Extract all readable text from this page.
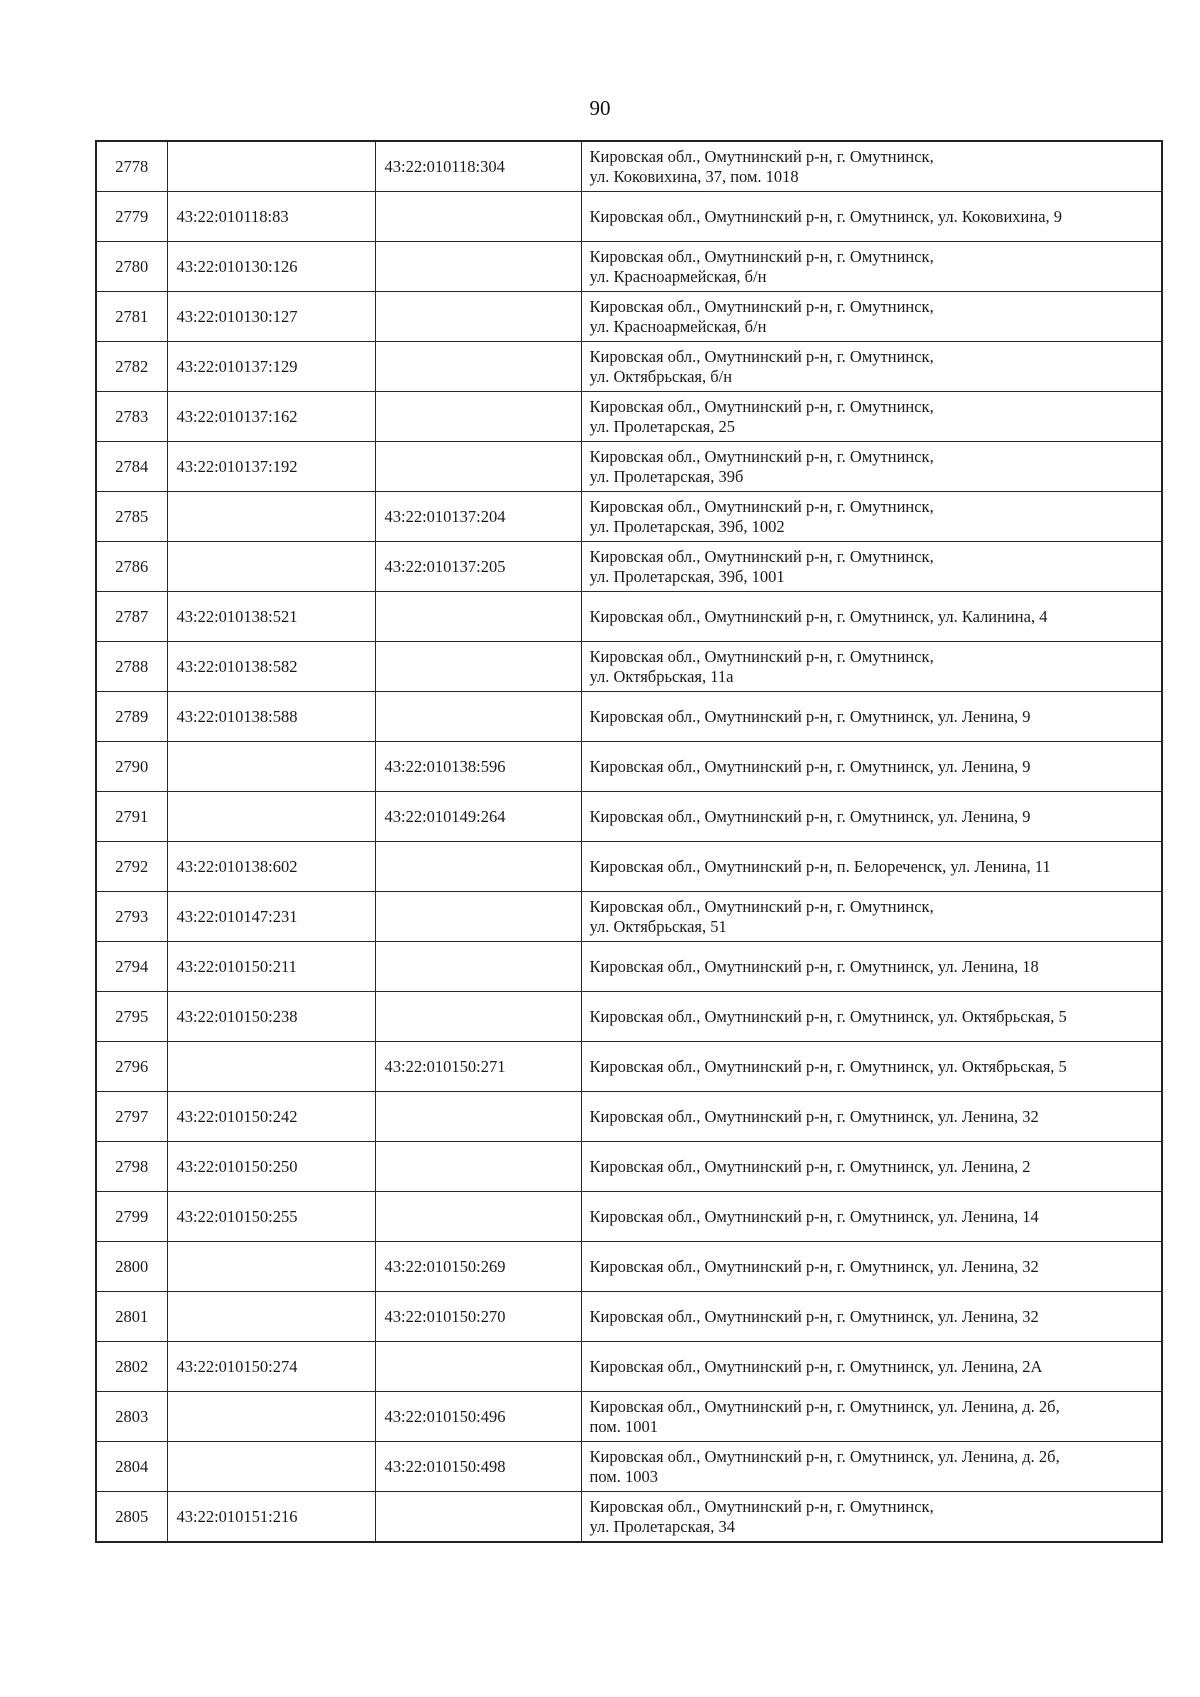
90
2778		43:22:010118:304	Кировская обл., Омутнинский р-н, г. Омутнинск,
ул. Коковихина, 37, пом. 1018

2779	43:22:010118:83		Кировская обл., Омутнинский р-н, г. Омутнинск, ул. Коковихина, 9

2780	43:22:010130:126		Кировская обл., Омутнинский р-н, г. Омутнинск,
ул. Красноармейская, б/н

2781	43:22:010130:127		Кировская обл., Омутнинский р-н, г. Омутнинск,
ул. Красноармейская, б/н

2782	43:22:010137:129		Кировская обл., Омутнинский р-н, г. Омутнинск,
ул. Октябрьская, б/н

2783	43:22:010137:162		Кировская обл., Омутнинский р-н, г. Омутнинск,
ул. Пролетарская, 25

2784	43:22:010137:192		Кировская обл., Омутнинский р-н, г. Омутнинск,
ул. Пролетарская, 39б

2785		43:22:010137:204	Кировская обл., Омутнинский р-н, г. Омутнинск,
ул. Пролетарская, 39б, 1002

2786		43:22:010137:205	Кировская обл., Омутнинский р-н, г. Омутнинск,
ул. Пролетарская, 39б, 1001

2787	43:22:010138:521		Кировская обл., Омутнинский р-н, г. Омутнинск, ул. Калинина, 4

2788	43:22:010138:582		Кировская обл., Омутнинский р-н, г. Омутнинск,
ул. Октябрьская, 11а

2789	43:22:010138:588		Кировская обл., Омутнинский р-н, г. Омутнинск, ул. Ленина, 9

2790		43:22:010138:596	Кировская обл., Омутнинский р-н, г. Омутнинск, ул. Ленина, 9

2791		43:22:010149:264	Кировская обл., Омутнинский р-н, г. Омутнинск, ул. Ленина, 9

2792	43:22:010138:602		Кировская обл., Омутнинский р-н, п. Белореченск, ул. Ленина, 11

2793	43:22:010147:231		Кировская обл., Омутнинский р-н, г. Омутнинск,
ул. Октябрьская, 51

2794	43:22:010150:211		Кировская обл., Омутнинский р-н, г. Омутнинск, ул. Ленина, 18

2795	43:22:010150:238		Кировская обл., Омутнинский р-н, г. Омутнинск, ул. Октябрьская, 5

2796		43:22:010150:271	Кировская обл., Омутнинский р-н, г. Омутнинск, ул. Октябрьская, 5

2797	43:22:010150:242		Кировская обл., Омутнинский р-н, г. Омутнинск, ул. Ленина, 32

2798	43:22:010150:250		Кировская обл., Омутнинский р-н, г. Омутнинск, ул. Ленина, 2

2799	43:22:010150:255		Кировская обл., Омутнинский р-н, г. Омутнинск, ул. Ленина, 14

2800		43:22:010150:269	Кировская обл., Омутнинский р-н, г. Омутнинск, ул. Ленина, 32

2801		43:22:010150:270	Кировская обл., Омутнинский р-н, г. Омутнинск, ул. Ленина, 32

2802	43:22:010150:274		Кировская обл., Омутнинский р-н, г. Омутнинск, ул. Ленина, 2А

2803		43:22:010150:496	Кировская обл., Омутнинский р-н, г. Омутнинск, ул. Ленина, д. 2б,
пом. 1001

2804		43:22:010150:498	Кировская обл., Омутнинский р-н, г. Омутнинск, ул. Ленина, д. 2б,
пом. 1003

2805	43:22:010151:216		Кировская обл., Омутнинский р-н, г. Омутнинск,
ул. Пролетарская, 34
